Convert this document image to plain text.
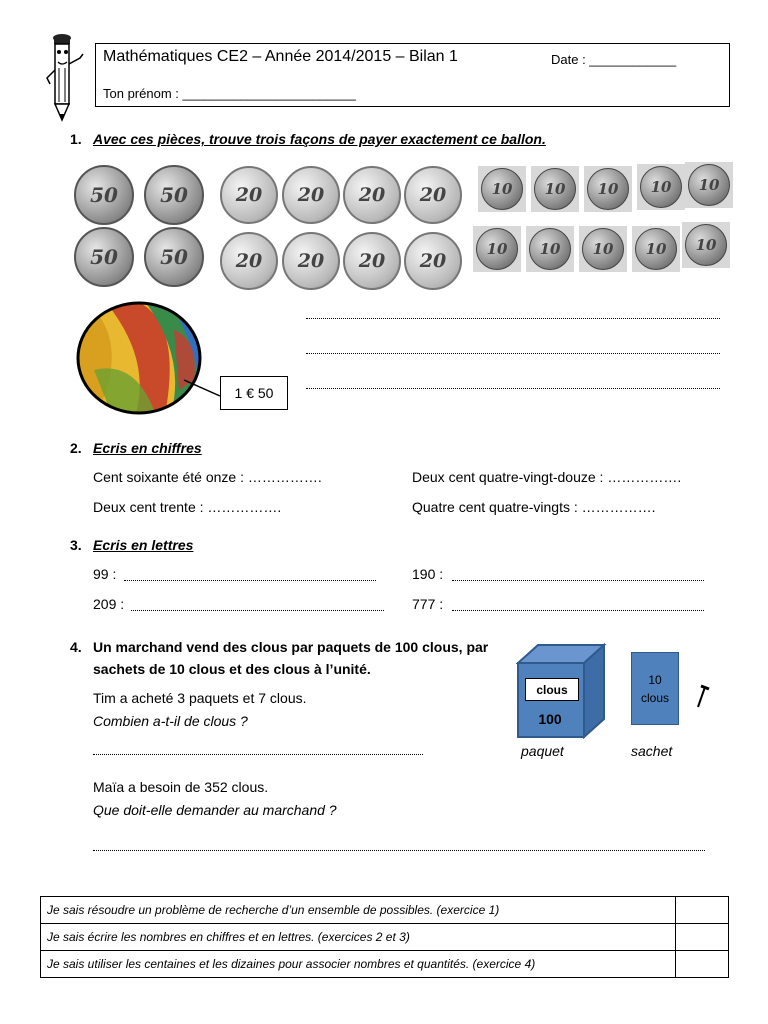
Mathématiques CE2 – Année 2014/2015 – Bilan 1	Date : ____________
Ton prénom : ________________________
1. Avec ces pièces, trouve trois façons de payer exactement ce ballon.
50 50
50 50
20 20 20 20
20 20 20 20
10 10 10 10 10
10 10 10 10 10
1 € 50
2. Ecris en chiffres
Cent soixante été onze : …………….	Deux cent quatre-vingt-douze : …………….
Deux cent trente : …………….	Quatre cent quatre-vingts : …………….
3. Ecris en lettres
99 :	190 :
209 :	777 :
4. Un marchand vend des clous par paquets de 100 clous, par
sachets de 10 clous et des clous à l’unité.
Tim a acheté 3 paquets et 7 clous.
Combien a-t-il de clous ?
Maïa a besoin de 352 clous.
Que doit-elle demander au marchand ?
clous
100
paquet
10
clous
sachet
Je sais résoudre un problème de recherche d’un ensemble de possibles. (exercice 1)	
Je sais écrire les nombres en chiffres et en lettres. (exercices 2 et 3)	
Je sais utiliser les centaines et les dizaines pour associer nombres et quantités. (exercice 4)	
